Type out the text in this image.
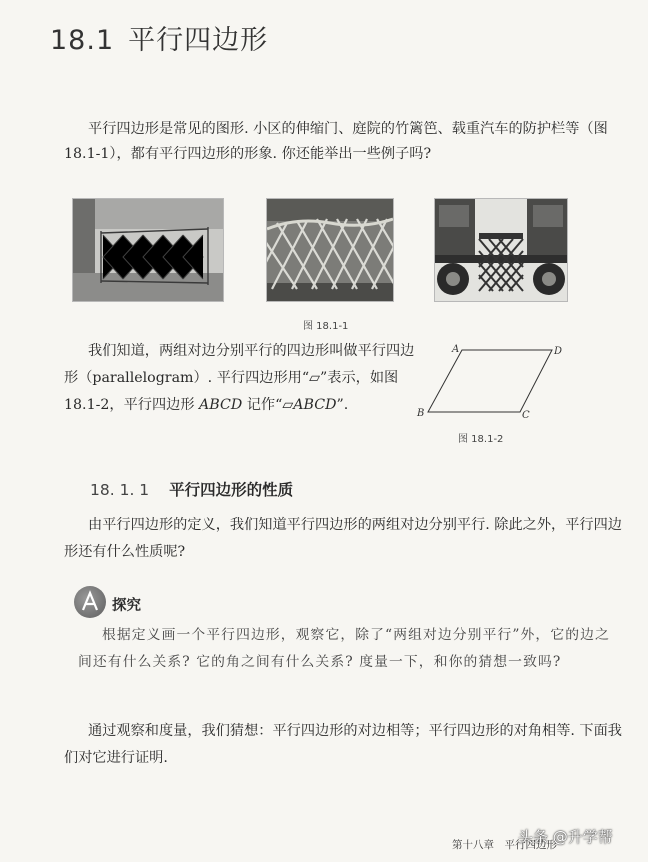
18.1 平行四边形

平行四边形是常见的图形. 小区的伸缩门、庭院的竹篱笆、载重汽车的防护栏等（图 18.1-1），都有平行四边形的形象. 你还能举出一些例子吗?

图 18.1-1

我们知道，两组对边分别平行的四边形叫做平行四边形（parallelogram）. 平行四边形用“▱”表示，如图 18.1-2，平行四边形 ABCD 记作“▱ABCD”.

A	D
B	C
图 18.1-2
18. 1. 1 平行四边形的性质

由平行四边形的定义，我们知道平行四边形的两组对边分别平行. 除此之外，平行四边形还有什么性质呢?

探究

根据定义画一个平行四边形，观察它，除了“两组对边分别平行”外，它的边之间还有什么关系? 它的角之间有什么关系? 度量一下，和你的猜想一致吗?

通过观察和度量，我们猜想：平行四边形的对边相等；平行四边形的对角相等. 下面我们对它进行证明.

第十八章　平行四边形
头条 @升学帮
